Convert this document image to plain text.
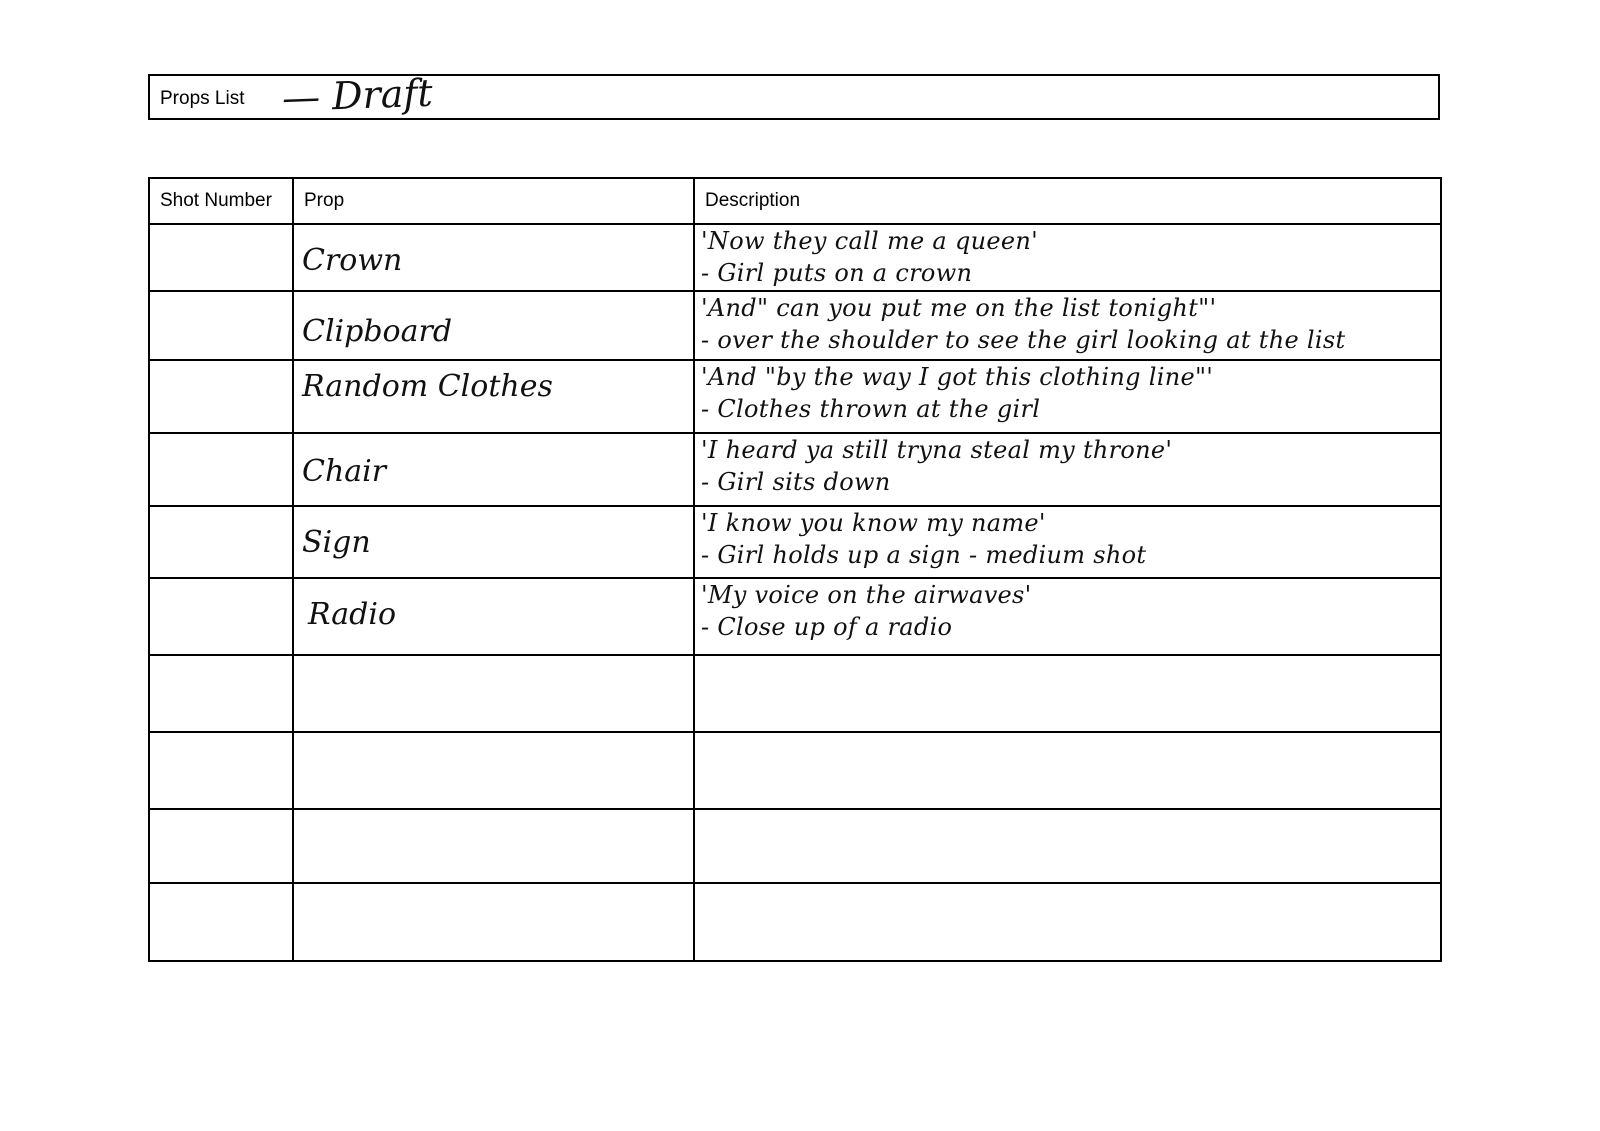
Props List — Draft
Shot Number	Prop	Description

	Crown	'Now they call me a queen'
- Girl puts on a crown

	Clipboard	'And" can you put me on the list tonight"'
- over the shoulder to see the girl looking at the list

	Random Clothes	'And "by the way I got this clothing line"'
- Clothes thrown at the girl

	Chair	'I heard ya still tryna steal my throne'
- Girl sits down

	Sign	'I know you know my name'
- Girl holds up a sign - medium shot

	Radio	'My voice on the airwaves'
- Close up of a radio
